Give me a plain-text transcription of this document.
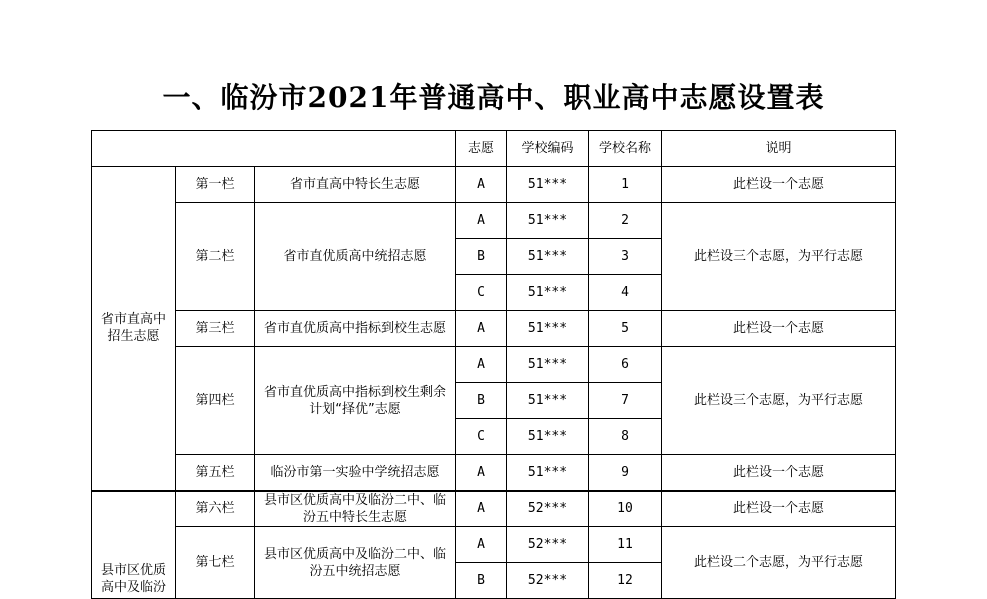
一、临汾市2021年普通高中、职业高中志愿设置表
			志愿	学校编码	学校名称	说明
省市直高中招生志愿	第一栏	省市直高中特长生志愿	A	51***	1	此栏设一个志愿
	第二栏	省市直优质高中统招志愿	A	51***	2	此栏设三个志愿，为平行志愿
			B	51***	3	
			C	51***	4	
	第三栏	省市直优质高中指标到校生志愿	A	51***	5	此栏设一个志愿
	第四栏	省市直优质高中指标到校生剩余计划“择优”志愿	A	51***	6	此栏设三个志愿，为平行志愿
			B	51***	7	
			C	51***	8	
	第五栏	临汾市第一实验中学统招志愿	A	51***	9	此栏设一个志愿
县市区优质高中及临汾	第六栏	县市区优质高中及临汾二中、临汾五中特长生志愿	A	52***	10	此栏设一个志愿
	第七栏	县市区优质高中及临汾二中、临汾五中统招志愿	A	52***	11	此栏设二个志愿，为平行志愿
			B	52***	12	
